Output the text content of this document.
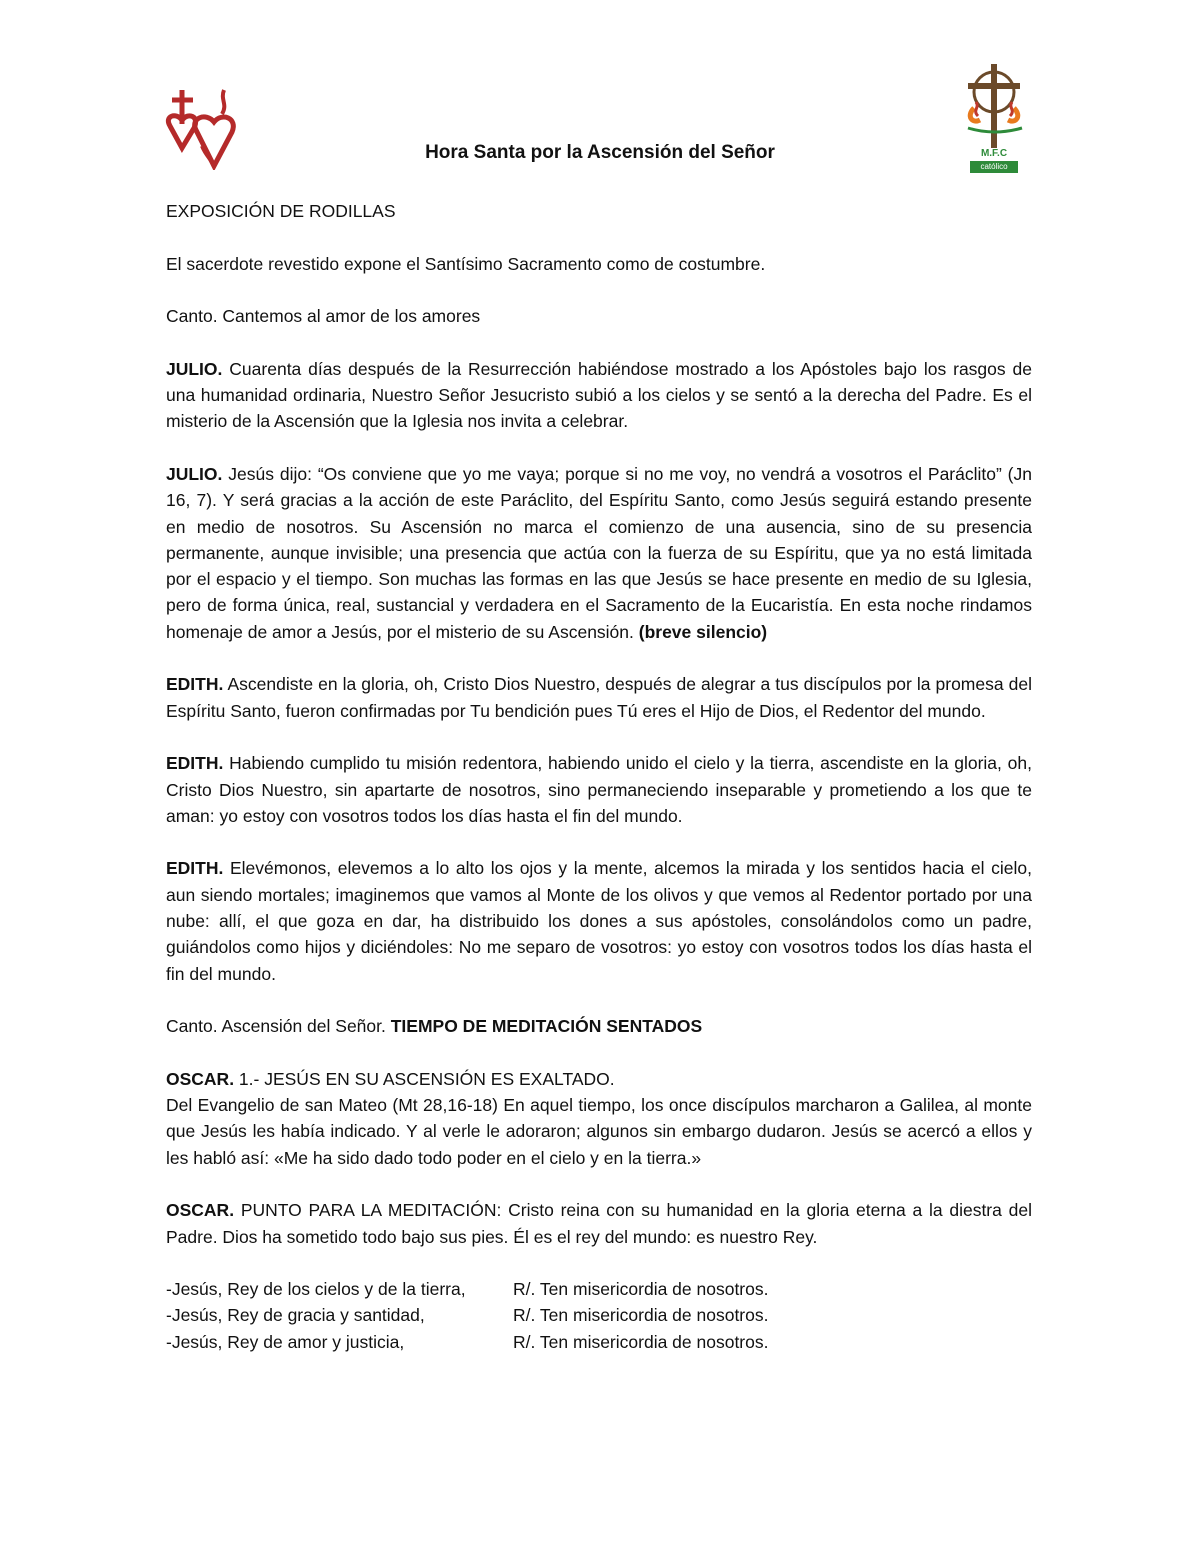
M.F.C
católico
Hora Santa por la Ascensión del Señor

EXPOSICIÓN DE RODILLAS

El sacerdote revestido expone el Santísimo Sacramento como de costumbre.

Canto. Cantemos al amor de los amores

JULIO. Cuarenta días después de la Resurrección habiéndose mostrado a los Apóstoles bajo los rasgos de una humanidad ordinaria, Nuestro Señor Jesucristo subió a los cielos y se sentó a la derecha del Padre. Es el misterio de la Ascensión que la Iglesia nos invita a celebrar.

JULIO. Jesús dijo: “Os conviene que yo me vaya; porque si no me voy, no vendrá a vosotros el Paráclito” (Jn 16, 7). Y será gracias a la acción de este Paráclito, del Espíritu Santo, como Jesús seguirá estando presente en medio de nosotros. Su Ascensión no marca el comienzo de una ausencia, sino de su presencia permanente, aunque invisible; una presencia que actúa con la fuerza de su Espíritu, que ya no está limitada por el espacio y el tiempo. Son muchas las formas en las que Jesús se hace presente en medio de su Iglesia, pero de forma única, real, sustancial y verdadera en el Sacramento de la Eucaristía. En esta noche rindamos homenaje de amor a Jesús, por el misterio de su Ascensión. (breve silencio)

EDITH. Ascendiste en la gloria, oh, Cristo Dios Nuestro, después de alegrar a tus discípulos por la promesa del Espíritu Santo, fueron confirmadas por Tu bendición pues Tú eres el Hijo de Dios, el Redentor del mundo.

EDITH. Habiendo cumplido tu misión redentora, habiendo unido el cielo y la tierra, ascendiste en la gloria, oh, Cristo Dios Nuestro, sin apartarte de nosotros, sino permaneciendo inseparable y prometiendo a los que te aman: yo estoy con vosotros todos los días hasta el fin del mundo.

EDITH. Elevémonos, elevemos a lo alto los ojos y la mente, alcemos la mirada y los sentidos hacia el cielo, aun siendo mortales; imaginemos que vamos al Monte de los olivos y que vemos al Redentor portado por una nube: allí, el que goza en dar, ha distribuido los dones a sus apóstoles, consolándolos como un padre, guiándolos como hijos y diciéndoles: No me separo de vosotros: yo estoy con vosotros todos los días hasta el fin del mundo.

Canto. Ascensión del Señor. TIEMPO DE MEDITACIÓN SENTADOS

OSCAR. 1.- JESÚS EN SU ASCENSIÓN ES EXALTADO.

Del Evangelio de san Mateo (Mt 28,16-18) En aquel tiempo, los once discípulos marcharon a Galilea, al monte que Jesús les había indicado. Y al verle le adoraron; algunos sin embargo dudaron. Jesús se acercó a ellos y les habló así: «Me ha sido dado todo poder en el cielo y en la tierra.»

OSCAR. PUNTO PARA LA MEDITACIÓN: Cristo reina con su humanidad en la gloria eterna a la diestra del Padre. Dios ha sometido todo bajo sus pies. Él es el rey del mundo: es nuestro Rey.

-Jesús, Rey de los cielos y de la tierra,	R/. Ten misericordia de nosotros.
-Jesús, Rey de gracia y santidad,	R/. Ten misericordia de nosotros.
-Jesús, Rey de amor y justicia,	R/. Ten misericordia de nosotros.
